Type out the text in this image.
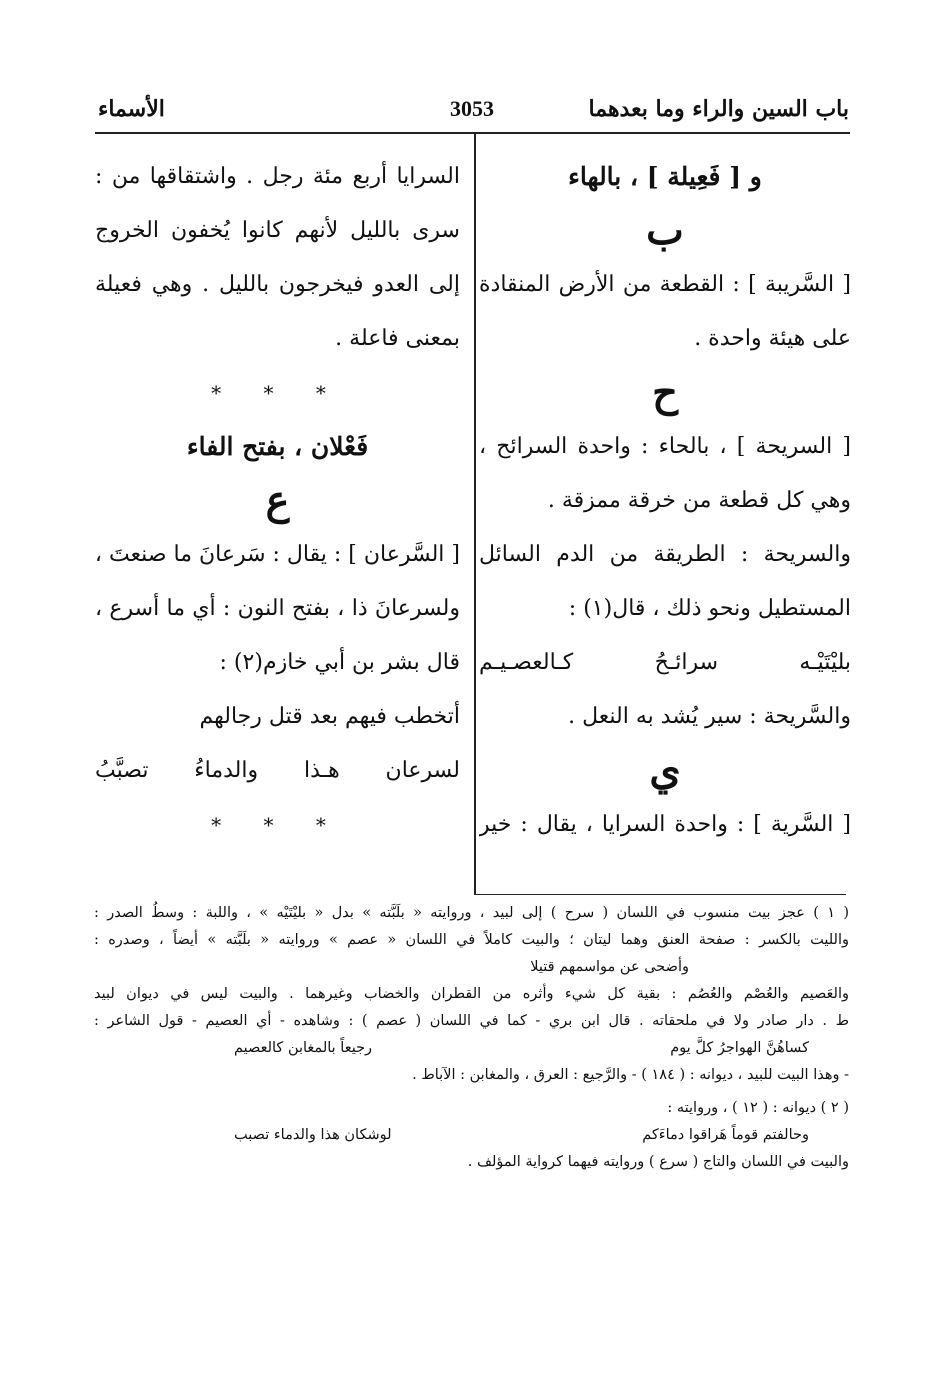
باب السين والراء وما بعدهما
3053
الأسماء
و [ فَعِيلة ] ، بالهاء
ب
[ السَّريبة ] : القطعة من الأرض المنقادة
على هيئة واحدة .
ح
[ السريحة ] ، بالحاء : واحدة السرائح ،
وهي كل قطعة من خرقة ممزقة .
والسريحة : الطريقة من الدم السائل
المستطيل ونحو ذلك ، قال(١) :
بليْتَيْـه سرائـحُ كـالعصـيـم
والسَّريحة : سير يُشد به النعل .
ي
[ السَّرية ] : واحدة السرايا ، يقال : خير
السرايا أربع مئة رجل . واشتقاقها من :
سرى بالليل لأنهم كانوا يُخفون الخروج
إلى العدو فيخرجون بالليل . وهي فعيلة
بمعنى فاعلة .
* * *
فَعْلان ، بفتح الفاء
ع
[ السَّرعان ] : يقال : سَرعانَ ما صنعتَ ،
ولسرعانَ ذا ، بفتح النون : أي ما أسرع ،
قال بشر بن أبي خازم(٢) :
أتخطب فيهم بعد قتل رجالهم
لسرعان هـذا والدماءُ تصبَّبُ
* * *
( ١ ) عجز بيت منسوب في اللسان ( سرح ) إلى لبيد ، وروايته « بلَبَّته » بدل « بليْتَيْه » ، واللبة : وسطُ الصدر :
والليت بالكسر : صفحة العنق وهما ليتان ؛ والبيت كاملاً في اللسان « عصم » وروايته « بلَبَّته » أيضاً ، وصدره :
وأضحى عن مواسمهم قتيلا
والعَصيم والعُصْم والعُصُم : بقية كل شيء وأثره من القطران والخضاب وغيرهما . والبيت ليس في ديوان لبيد
ط . دار صادر ولا في ملحقاته . قال ابن بري - كما في اللسان ( عصم ) : وشاهده - أي العصيم - قول الشاعر :
كساهُنَّ الهواجرُ كلَّ يوم
رجيعاً بالمغابن كالعصيم
- وهذا البيت للبيد ، ديوانه : ( ١٨٤ ) - والرَّجيع : العرق ، والمغابن : الآباط .
( ٢ ) ديوانه : ( ١٢ ) ، وروايته :
وحالفتم قوماً هَراقوا دماءَكم
لوشكان هذا والدماء تصبب
والبيت في اللسان والتاج ( سرع ) وروايته فيهما كرواية المؤلف .
